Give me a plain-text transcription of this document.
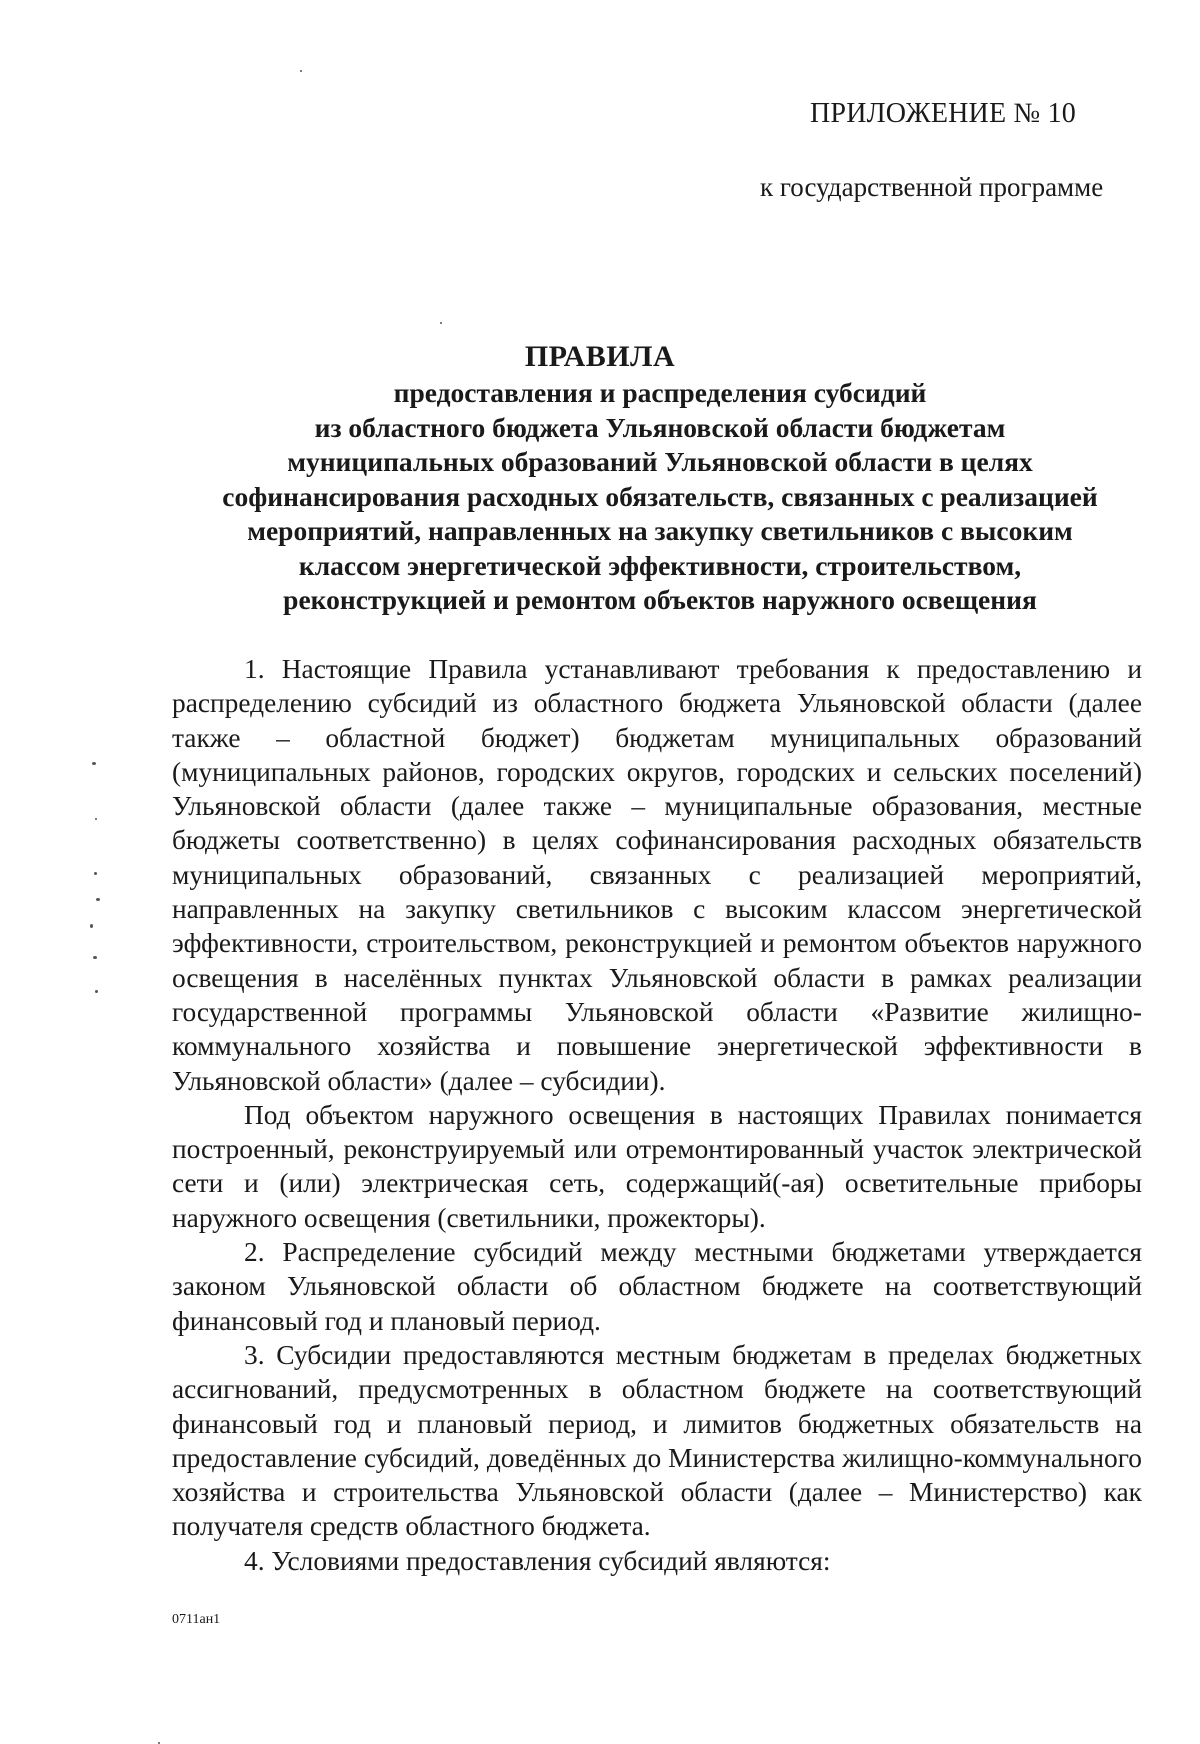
ПРИЛОЖЕНИЕ № 10
к государственной программе
ПРАВИЛА
предоставления и распределения субсидий
из областного бюджета Ульяновской области бюджетам
муниципальных образований Ульяновской области в целях
софинансирования расходных обязательств, связанных с реализацией
мероприятий, направленных на закупку светильников с высоким
классом энергетической эффективности, строительством,
реконструкцией и ремонтом объектов наружного освещения

1. Настоящие Правила устанавливают требования к предоставлению и распределению субсидий из областного бюджета Ульяновской области (далее также – областной бюджет) бюджетам муниципальных образований (муниципальных районов, городских округов, городских и сельских поселений) Ульяновской области (далее также – муниципальные образования, местные бюджеты соответственно) в целях софинансирования расходных обязательств муниципальных образований, связанных с реализацией мероприятий, направленных на закупку светильников с высоким классом энергетической эффективности, строительством, реконструкцией и ремонтом объектов наружного освещения в населённых пунктах Ульяновской области в рамках реализации государственной программы Ульяновской области «Развитие жилищно-коммунального хозяйства и повышение энергетической эффективности в Ульяновской области» (далее – субсидии).

Под объектом наружного освещения в настоящих Правилах понимается построенный, реконструируемый или отремонтированный участок электрической сети и (или) электрическая сеть, содержащий(-ая) осветительные приборы наружного освещения (светильники, прожекторы).

2. Распределение субсидий между местными бюджетами утверждается законом Ульяновской области об областном бюджете на соответствующий финансовый год и плановый период.

3. Субсидии предоставляются местным бюджетам в пределах бюджетных ассигнований, предусмотренных в областном бюджете на соответствующий финансовый год и плановый период, и лимитов бюджетных обязательств на предоставление субсидий, доведённых до Министерства жилищно-коммунального хозяйства и строительства Ульяновской области (далее – Министерство) как получателя средств областного бюджета.

4. Условиями предоставления субсидий являются:

0711ан1
